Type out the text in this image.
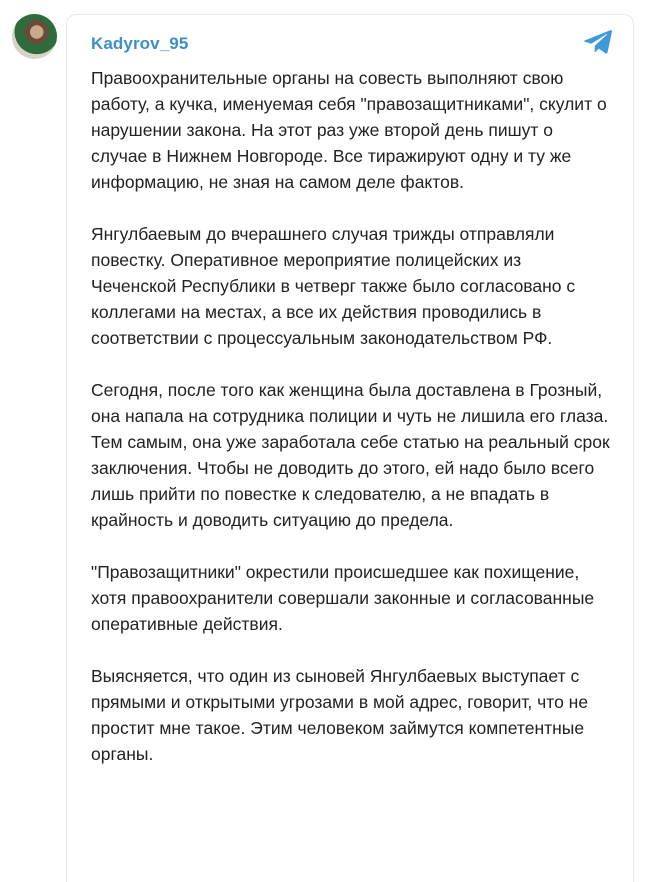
Kadyrov_95

Правоохранительные органы на совесть выполняют свою работу, а кучка, именуемая себя "правозащитниками", скулит о нарушении закона. На этот раз уже второй день пишут о случае в Нижнем Новгороде. Все тиражируют одну и ту же информацию, не зная на самом деле фактов.

Янгулбаевым до вчерашнего случая трижды отправляли повестку. Оперативное мероприятие полицейских из Чеченской Республики в четверг также было согласовано с коллегами на местах, а все их действия проводились в соответствии с процессуальным законодательством РФ.

Сегодня, после того как женщина была доставлена в Грозный, она напала на сотрудника полиции и чуть не лишила его глаза. Тем самым, она уже заработала себе статью на реальный срок заключения. Чтобы не доводить до этого, ей надо было всего лишь прийти по повестке к следователю, а не впадать в крайность и доводить ситуацию до предела.

"Правозащитники" окрестили происшедшее как похищение, хотя правоохранители совершали законные и согласованные оперативные действия.

Выясняется, что один из сыновей Янгулбаевых выступает с прямыми и открытыми угрозами в мой адрес, говорит, что не простит мне такое. Этим человеком займутся компетентные органы.
